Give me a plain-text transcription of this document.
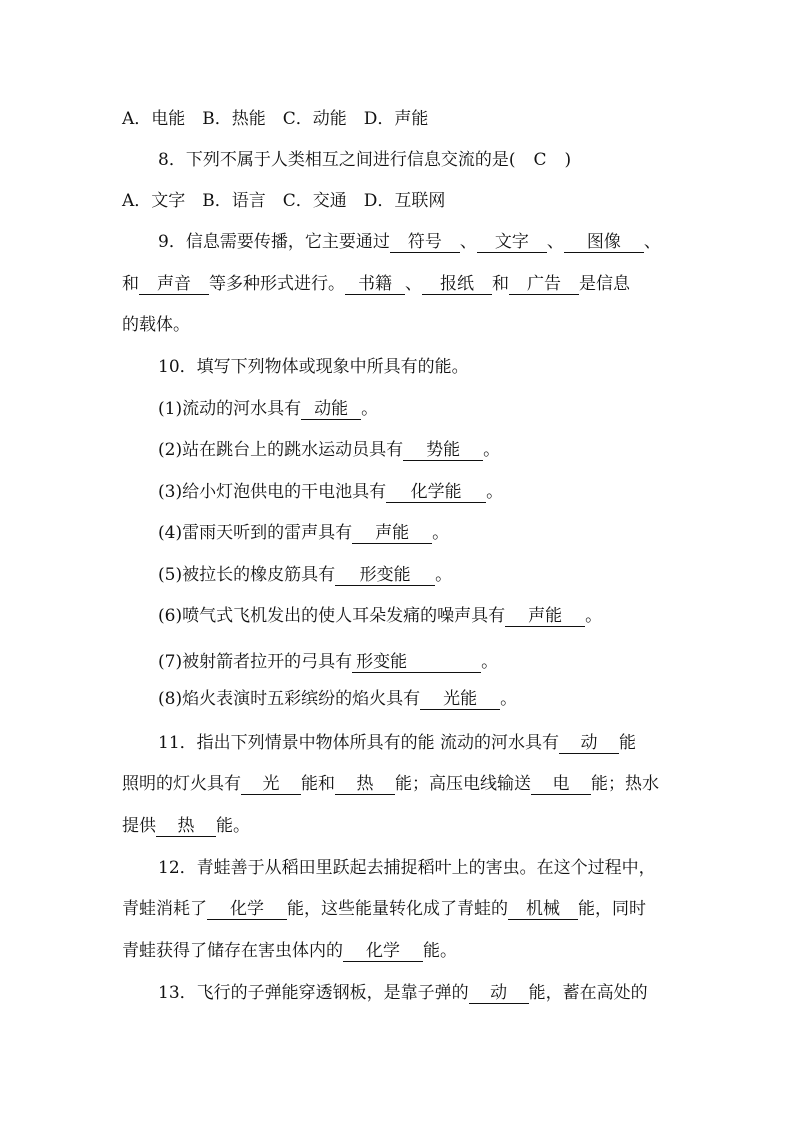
A．电能　B．热能　C．动能　D．声能
8．下列不属于人类相互之间进行信息交流的是( C )
A．文字　B．语言　C．交通　D．互联网
9．信息需要传播，它主要通过 符号 、 文字 、 图像 、
和 声音 等多种形式进行。 书籍 、 报纸 和 广告 是信息
的载体。
10．填写下列物体或现象中所具有的能。
(1)流动的河水具有 动能 。
(2)站在跳台上的跳水运动员具有 势能 。
(3)给小灯泡供电的干电池具有 化学能 。
(4)雷雨天听到的雷声具有 声能 。
(5)被拉长的橡皮筋具有 形变能 。
(6)喷气式飞机发出的使人耳朵发痛的噪声具有 声能 。
(7)被射箭者拉开的弓具有 形变能	。
(8)焰火表演时五彩缤纷的焰火具有 光能 。
11．指出下列情景中物体所具有的能 流动的河水具有 动 能
照明的灯火具有 光 能和 热 能；高压电线输送 电 能；热水
提供 热 能。
12．青蛙善于从稻田里跃起去捕捉稻叶上的害虫。在这个过程中，
青蛙消耗了 化学 能，这些能量转化成了青蛙的 机械 能，同时
青蛙获得了储存在害虫体内的 化学 能。
13．飞行的子弹能穿透钢板，是靠子弹的 动 能，蓄在高处的
